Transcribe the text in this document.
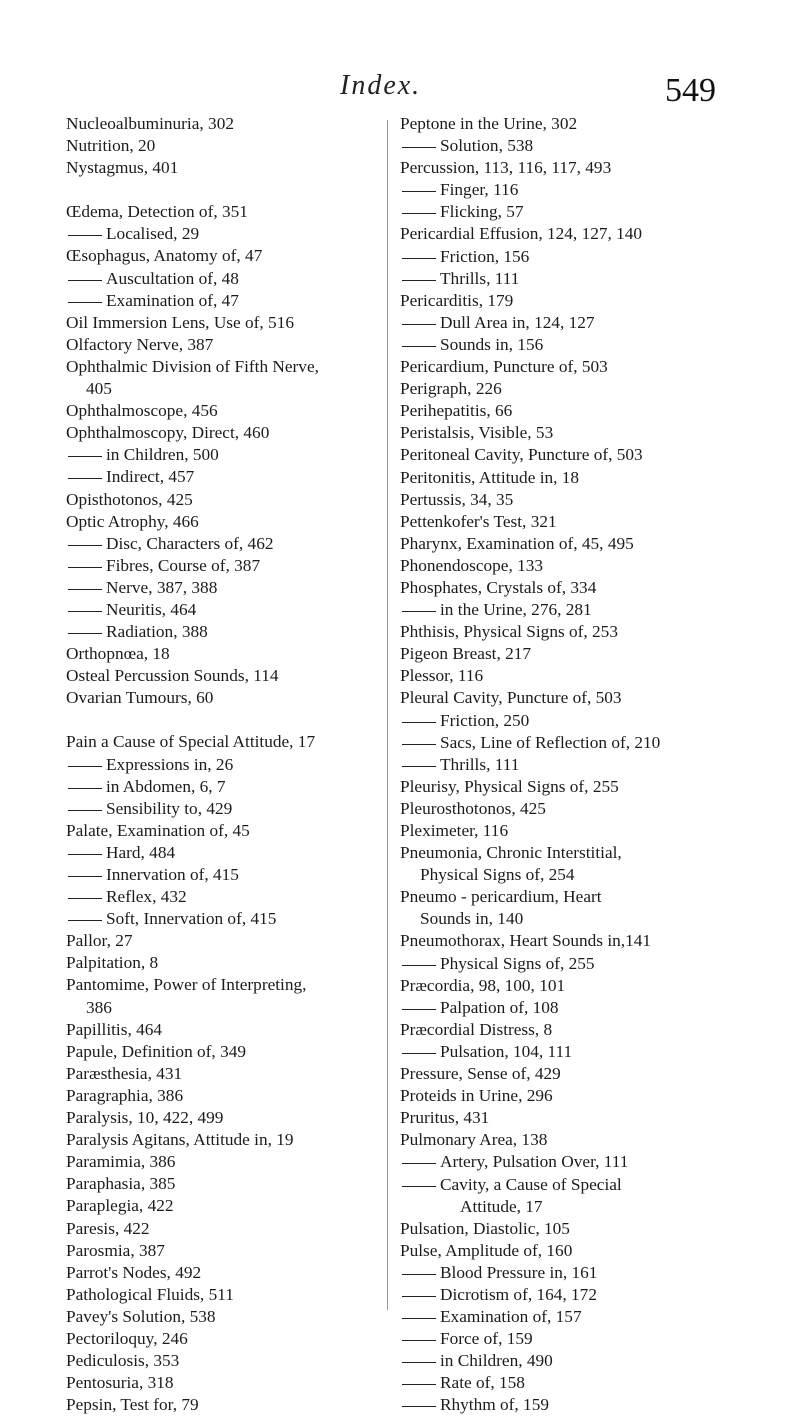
Index.	549
Nucleoalbuminuria, 302
Nutrition, 20
Nystagmus, 401
Œdema, Detection of, 351
Localised, 29
Œsophagus, Anatomy of, 47
Auscultation of, 48
Examination of, 47
Oil Immersion Lens, Use of, 516
Olfactory Nerve, 387
Ophthalmic Division of Fifth Nerve,
405
Ophthalmoscope, 456
Ophthalmoscopy, Direct, 460
in Children, 500
Indirect, 457
Opisthotonos, 425
Optic Atrophy, 466
Disc, Characters of, 462
Fibres, Course of, 387
Nerve, 387, 388
Neuritis, 464
Radiation, 388
Orthopnœa, 18
Osteal Percussion Sounds, 114
Ovarian Tumours, 60
Pain a Cause of Special Attitude, 17
Expressions in, 26
in Abdomen, 6, 7
Sensibility to, 429
Palate, Examination of, 45
Hard, 484
Innervation of, 415
Reflex, 432
Soft, Innervation of, 415
Pallor, 27
Palpitation, 8
Pantomime, Power of Interpreting,
386
Papillitis, 464
Papule, Definition of, 349
Paræsthesia, 431
Paragraphia, 386
Paralysis, 10, 422, 499
Paralysis Agitans, Attitude in, 19
Paramimia, 386
Paraphasia, 385
Paraplegia, 422
Paresis, 422
Parosmia, 387
Parrot's Nodes, 492
Pathological Fluids, 511
Pavey's Solution, 538
Pectoriloquy, 246
Pediculosis, 353
Pentosuria, 318
Pepsin, Test for, 79
Peptone in the Urine, 302
Solution, 538
Percussion, 113, 116, 117, 493
Finger, 116
Flicking, 57
Pericardial Effusion, 124, 127, 140
Friction, 156
Thrills, 111
Pericarditis, 179
Dull Area in, 124, 127
Sounds in, 156
Pericardium, Puncture of, 503
Perigraph, 226
Perihepatitis, 66
Peristalsis, Visible, 53
Peritoneal Cavity, Puncture of, 503
Peritonitis, Attitude in, 18
Pertussis, 34, 35
Pettenkofer's Test, 321
Pharynx, Examination of, 45, 495
Phonendoscope, 133
Phosphates, Crystals of, 334
in the Urine, 276, 281
Phthisis, Physical Signs of, 253
Pigeon Breast, 217
Plessor, 116
Pleural Cavity, Puncture of, 503
Friction, 250
Sacs, Line of Reflection of, 210
Thrills, 111
Pleurisy, Physical Signs of, 255
Pleurosthotonos, 425
Pleximeter, 116
Pneumonia, Chronic Interstitial,
Physical Signs of, 254
Pneumo - pericardium, Heart
Sounds in, 140
Pneumothorax, Heart Sounds in,141
Physical Signs of, 255
Præcordia, 98, 100, 101
Palpation of, 108
Præcordial Distress, 8
Pulsation, 104, 111
Pressure, Sense of, 429
Proteids in Urine, 296
Pruritus, 431
Pulmonary Area, 138
Artery, Pulsation Over, 111
Cavity, a Cause of Special
Attitude, 17
Pulsation, Diastolic, 105
Pulse, Amplitude of, 160
Blood Pressure in, 161
Dicrotism of, 164, 172
Examination of, 157
Force of, 159
in Children, 490
Rate of, 158
Rhythm of, 159
